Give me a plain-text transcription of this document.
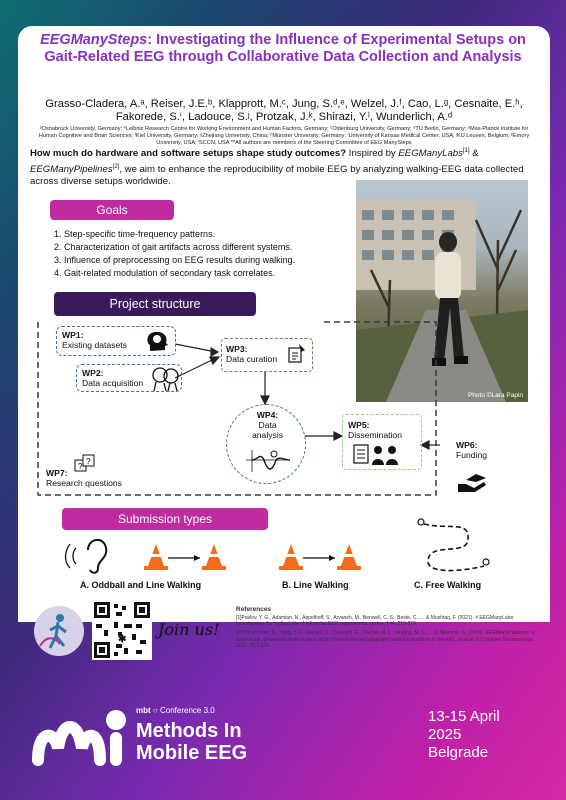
EEGManySteps: Investigating the Influence of Experimental Setups on Gait-Related EEG through Collaborative Data Collection and Analysis
Grasso-Cladera, A.ᵃ, Reiser, J.E.ᵇ, Klapprott, M.ᶜ, Jung, S.ᵈ,ᵉ, Welzel, J.ᶠ, Cao, L.ᵍ, Cesnaite, E.ʰ, Fakorede, S.ⁱ, Ladouce, S.ʲ, Protzak, J.ᵏ, Shirazi, Y.ˡ, Wunderlich, A.ᵈ
ᵃOsnabrück University, Germany; ᵇLeibniz Research Centre for Working Environment and Human Factors, Germany; ᶜOldenburg University, Germany; ᵈTU Berlin, Germany; ᵉMax-Planck Institute for Human Cognitive and Brain Sciences; ᶠKiel University, Germany; ᵍZhejiang University, China; ʰMünster University, Germany; ⁱUniversity of Kansas Medical Center, USA; ʲKU Leuven, Belgium; ᵏEmory University, USA; ˡSCCN, USA **All authors are members of the Steering Committee of EEG ManySteps
How much do hardware and software setups shape study outcomes? Inspired by EEGManyLabs[1] & EEGManyPipelines[2], we aim to enhance the reproducibility of mobile EEG by analyzing walking-EEG data collected across diverse setups worldwide.
Photo ©Lara Papin
Goals
1. Step-specific time-frequency patterns.
2. Characterization of gait artifacts across different systems.
3. Influence of preprocessing on EEG results during walking.
4. Gait-related modulation of secondary task correlates.
Project structure
WP1:
Existing datasets
WP2:
Data acquisition
WP3:
Data curation
WP4:
Data
analysis
WP5:
Dissemination
WP6:
Funding
WP7:
Research questions
?
?
Submission types
A. Oddball and Line Walking	B. Line Walking	C. Free Walking
✱
Join us!
References

[1]Pavlov, Y. G., Adamian, N., Appelhoff, S., Arvaneh, M., Benwell, C. S., Beste, C., ... & Mushtaq, F. (2021). # EEGManyLabs: Investigating the replicability of influential EEG experiments. cortex, 144, 213-229.

[2]Trübutschek, D., Yang, Y. F., Gianelli, C., Cesnaite, E., Fischer, N. L., Vinding, M. C., ... & Nilsonne, G. (2024). EEGManyPipelines: a large-scale, grassroots multi-analyst study of electroencephalography analysis practices in the wild. Journal of Cognitive Neuroscience, 36(2), 217-224.

mbt ○ Conference 3.0
Methods In
Mobile EEG
13-15 April
2025
Belgrade
